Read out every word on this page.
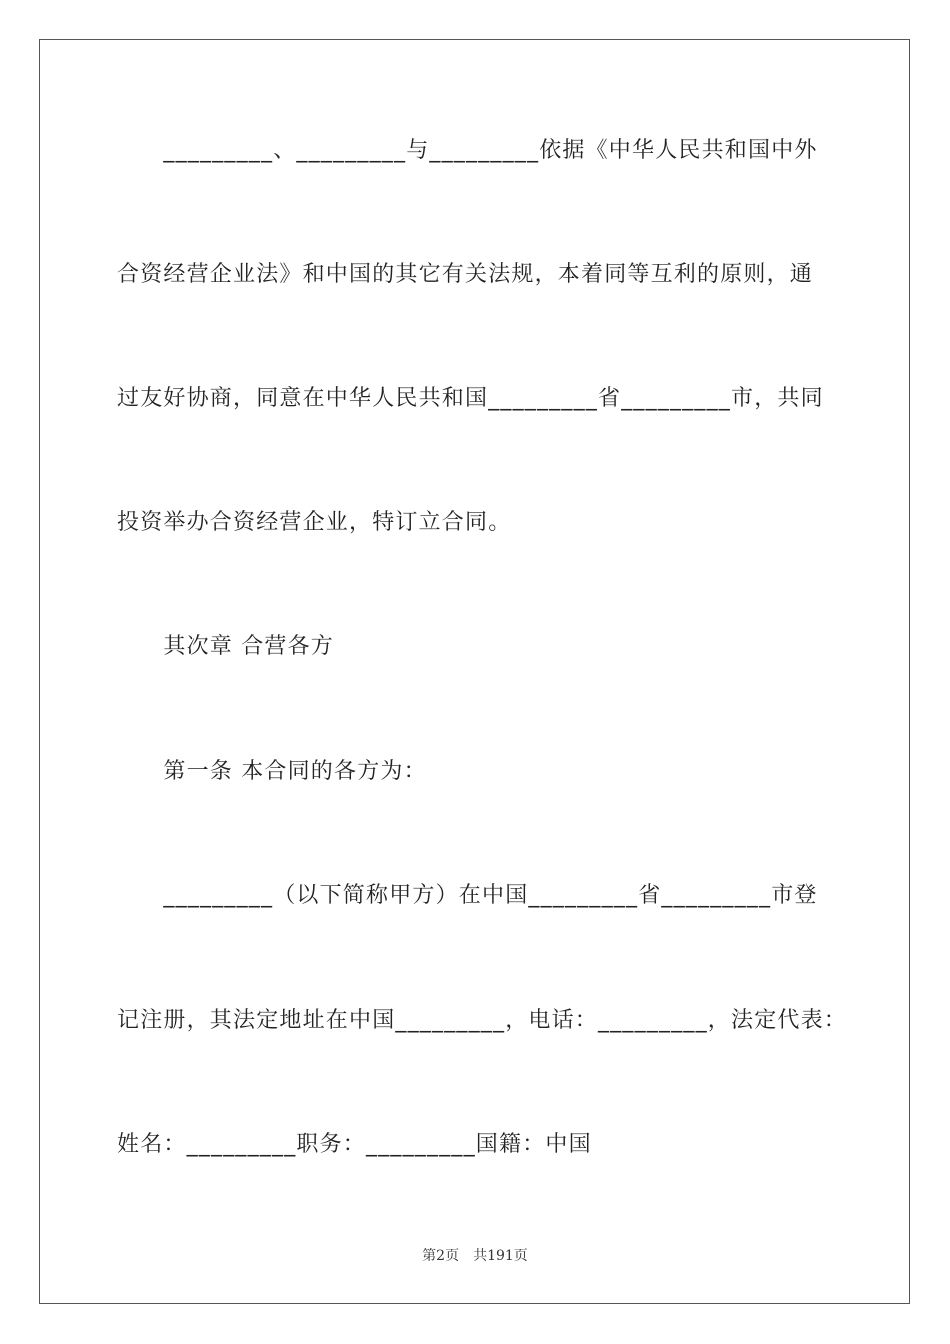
　　_________、_________与_________依据《中华人民共和国中外
合资经营企业法》和中国的其它有关法规，本着同等互利的原则，通
过友好协商，同意在中华人民共和国_________省_________市，共同
投资举办合资经营企业，特订立合同。
　　其次章 合营各方
　　第一条 本合同的各方为：
　　_________（以下简称甲方）在中国_________省_________市登
记注册，其法定地址在中国_________，电话：_________，法定代表：
姓名：_________职务：_________国籍：中国
第2页　共191页
